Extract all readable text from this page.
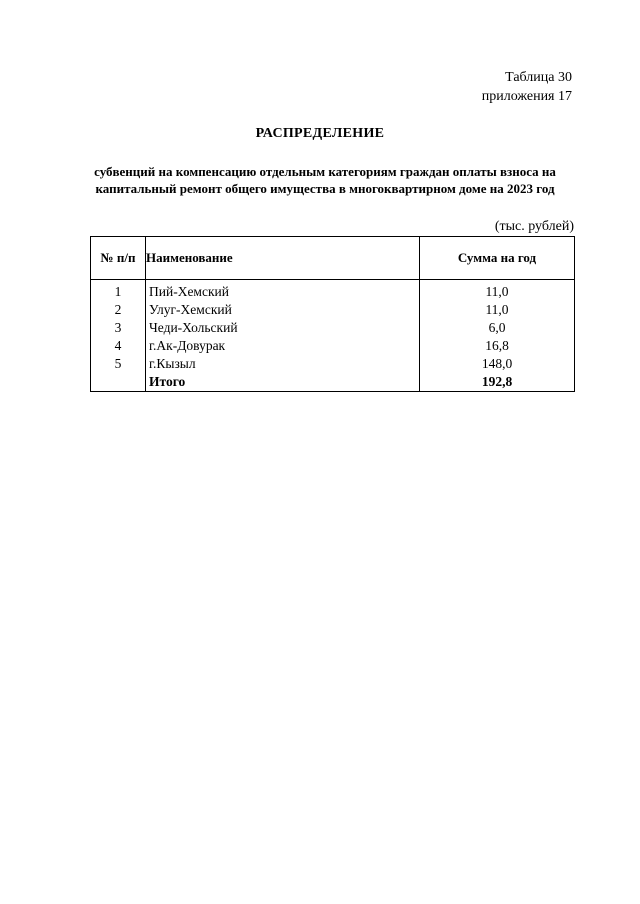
Таблица 30
приложения 17
РАСПРЕДЕЛЕНИЕ
субвенций на компенсацию отдельным категориям граждан оплаты взноса на
капитальный ремонт общего имущества в многоквартирном доме на 2023 год
(тыс. рублей)
№ п/п	Наименование	Сумма на год
1	Пий-Хемский	11,0
2	Улуг-Хемский	11,0
3	Чеди-Хольский	6,0
4	г.Ак-Довурак	16,8
5	г.Кызыл	148,0
	Итого	192,8
